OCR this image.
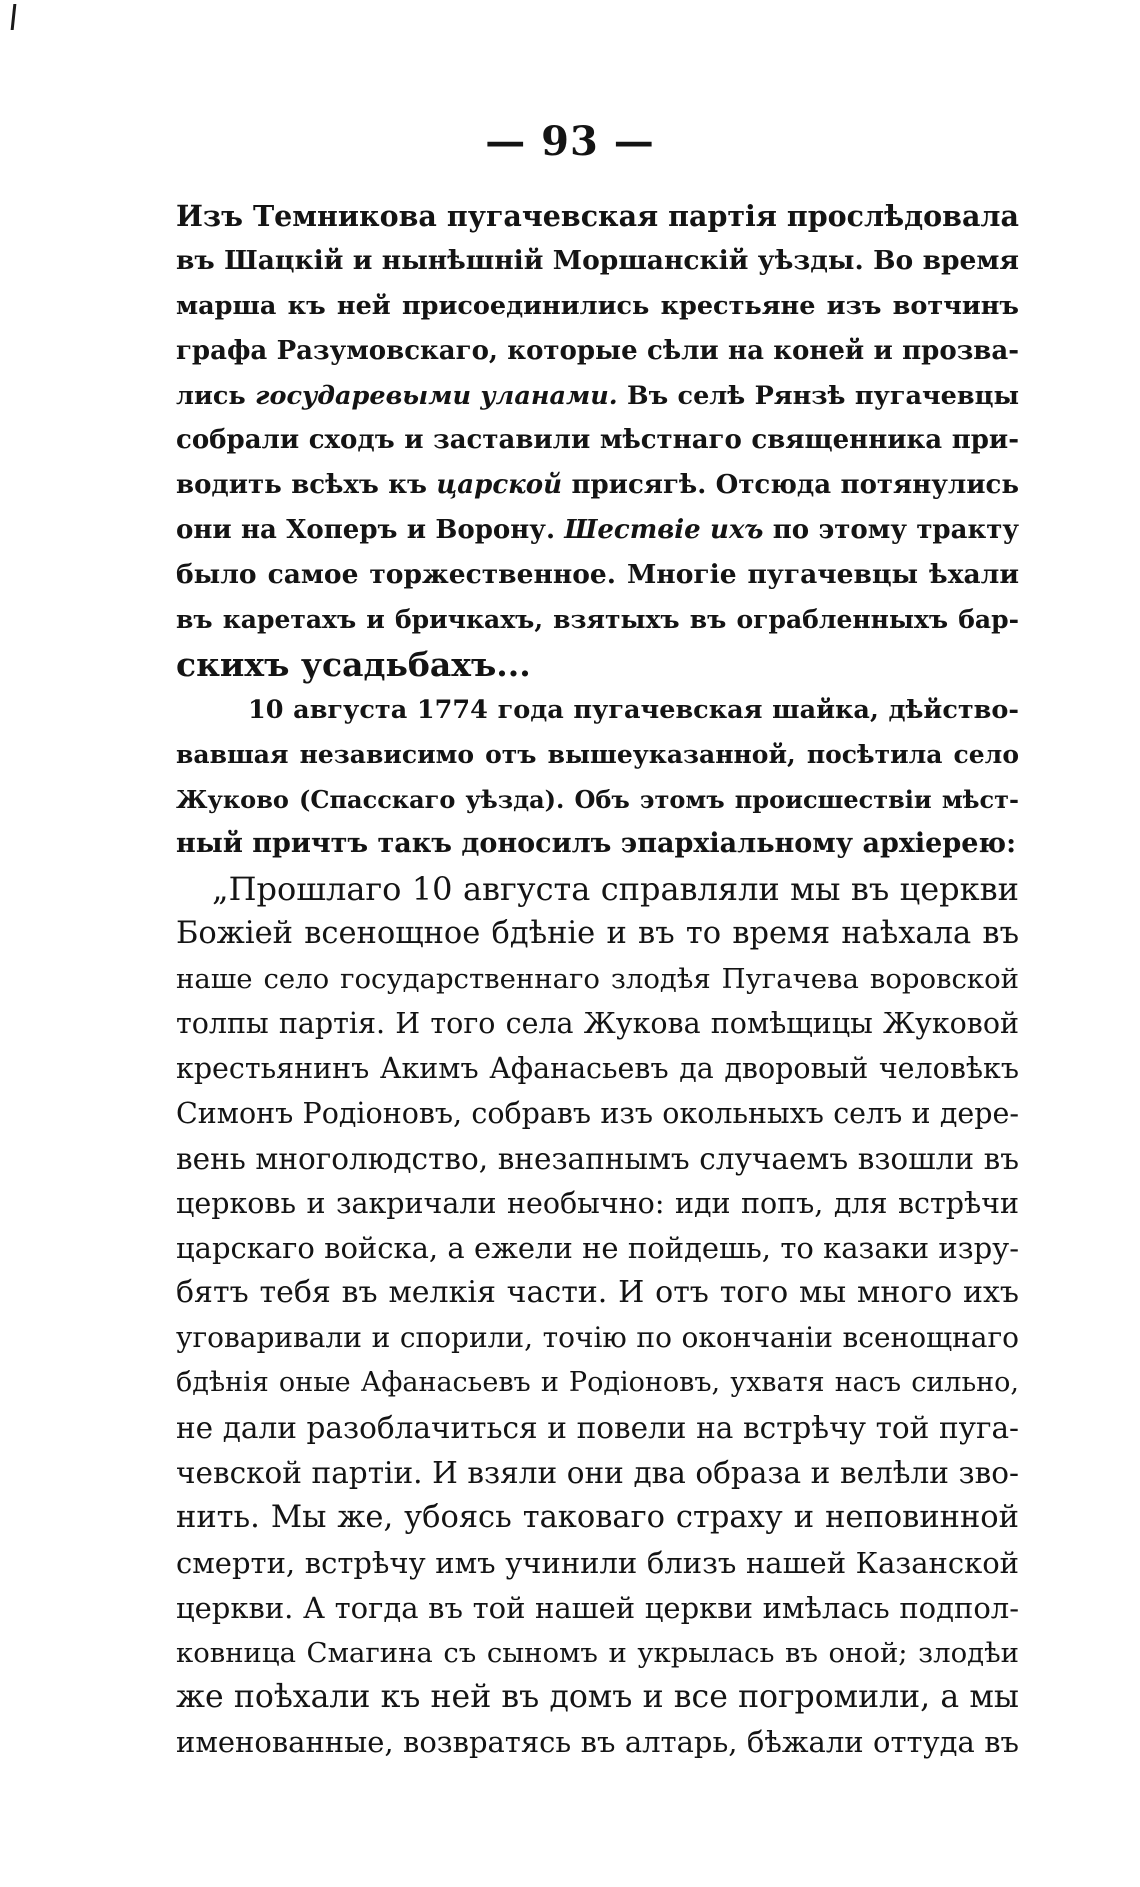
— 93 —
Изъ Темникова пугачевская партія прослѣдовала
въ Шацкій и нынѣшній Моршанскій уѣзды. Во время
марша къ ней присоединились крестьяне изъ вотчинъ
графа Разумовскаго, которые сѣли на коней и прозва-
лись государевыми уланами. Въ селѣ Рянзѣ пугачевцы
собрали сходъ и заставили мѣстнаго священника при-
водить всѣхъ къ царской присягѣ. Отсюда потянулись
они на Хоперъ и Ворону. Шествіе ихъ по этому тракту
было самое торжественное. Многіе пугачевцы ѣхали
въ каретахъ и бричкахъ, взятыхъ въ ограбленныхъ бар-
скихъ усадьбахъ...
10 августа 1774 года пугачевская шайка, дѣйство-
вавшая независимо отъ вышеуказанной, посѣтила село
Жуково (Спасскаго уѣзда). Объ этомъ происшествіи мѣст-
ный причтъ такъ доносилъ эпархіальному архіерею:
„Прошлаго 10 августа справляли мы въ церкви
Божіей всенощное бдѣніе и въ то время наѣхала въ
наше село государственнаго злодѣя Пугачева воровской
толпы партія. И того села Жукова помѣщицы Жуковой
крестьянинъ Акимъ Афанасьевъ да дворовый человѣкъ
Симонъ Родіоновъ, собравъ изъ окольныхъ селъ и дере-
вень многолюдство, внезапнымъ случаемъ взошли въ
церковь и закричали необычно: иди попъ, для встрѣчи
царскаго войска, а ежели не пойдешь, то казаки изру-
бятъ тебя въ мелкія части. И отъ того мы много ихъ
уговаривали и спорили, точію по окончаніи всенощнаго
бдѣнія оные Афанасьевъ и Родіоновъ, ухватя насъ сильно,
не дали разоблачиться и повели на встрѣчу той пуга-
чевской партіи. И взяли они два образа и велѣли зво-
нить. Мы же, убоясь таковаго страху и неповинной
смерти, встрѣчу имъ учинили близъ нашей Казанской
церкви. А тогда въ той нашей церкви имѣлась подпол-
ковница Смагина съ сыномъ и укрылась въ оной; злодѣи
же поѣхали къ ней въ домъ и все погромили, а мы
именованные, возвратясь въ алтарь, бѣжали оттуда въ
